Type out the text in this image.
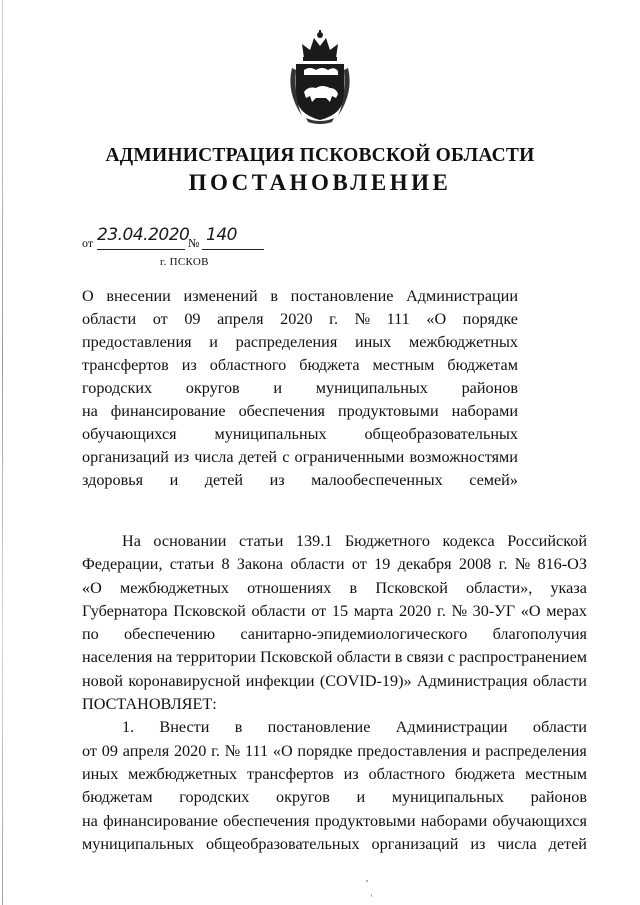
АДМИНИСТРАЦИЯ ПСКОВСКОЙ ОБЛАСТИ
ПОСТАНОВЛЕНИЕ
от 23.04.2020
№ 140
г. ПСКОВ
О внесении изменений в постановление Администрации
области от 09 апреля 2020 г. № 111 «О порядке
предоставления и распределения иных межбюджетных
трансфертов из областного бюджета местным бюджетам
городских округов и муниципальных районов
на финансирование обеспечения продуктовыми наборами
обучающихся муниципальных общеобразовательных
организаций из числа детей с ограниченными возможностями
здоровья и детей из малообеспеченных семей»
На основании статьи 139.1 Бюджетного кодекса Российской
Федерации, статьи 8 Закона области от 19 декабря 2008 г. № 816-ОЗ
«О межбюджетных отношениях в Псковской области», указа
Губернатора Псковской области от 15 марта 2020 г. № 30-УГ «О мерах
по обеспечению санитарно-эпидемиологического благополучия
населения на территории Псковской области в связи с распространением
новой коронавирусной инфекции (COVID-19)» Администрация области
ПОСТАНОВЛЯЕТ:
1. Внести в постановление Администрации области
от 09 апреля 2020 г. № 111 «О порядке предоставления и распределения
иных межбюджетных трансфертов из областного бюджета местным
бюджетам городских округов и муниципальных районов
на финансирование обеспечения продуктовыми наборами обучающихся
муниципальных общеобразовательных организаций из числа детей
